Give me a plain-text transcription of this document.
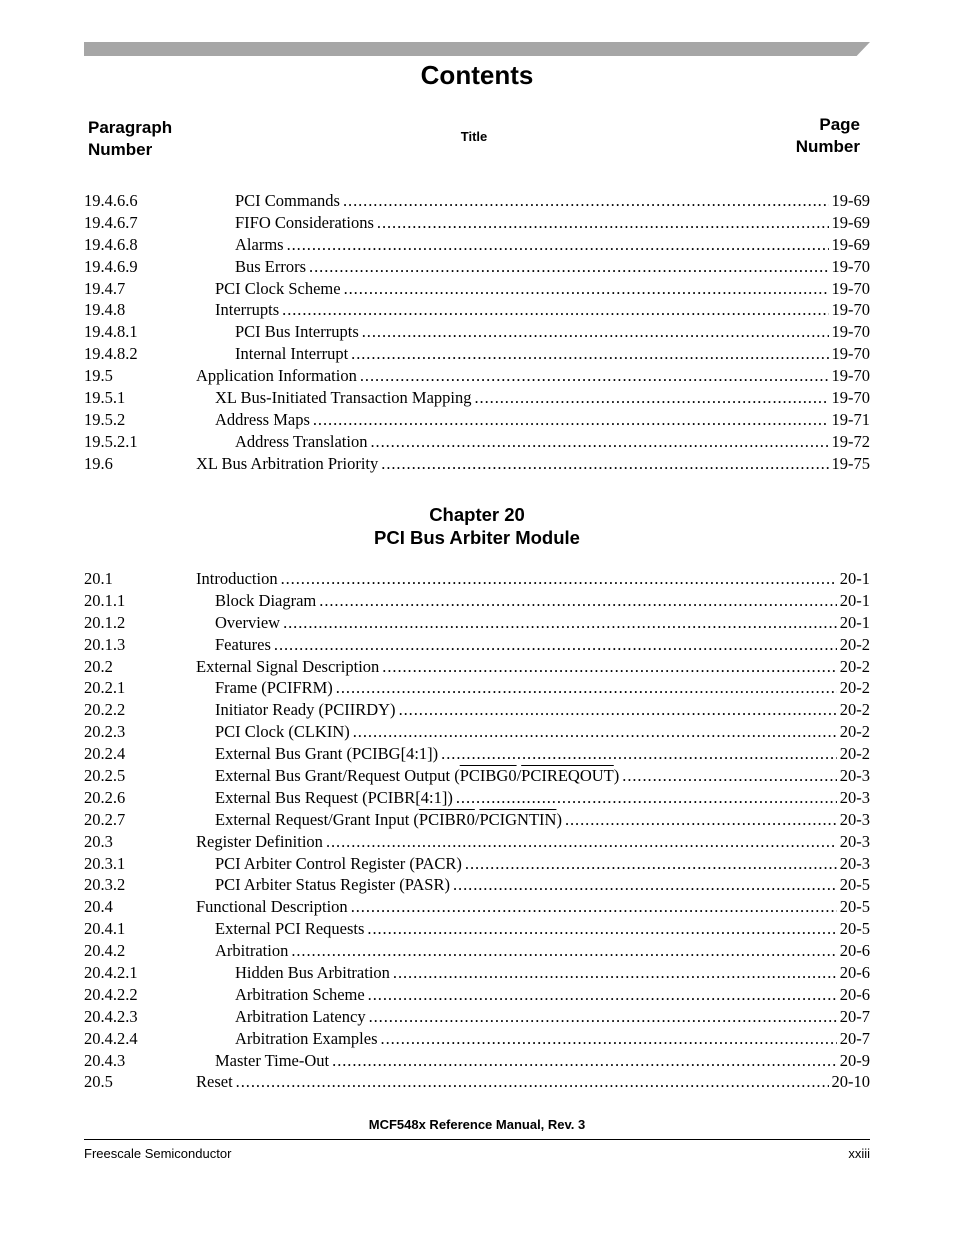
Contents
Paragraph
Number
Title
Page
Number
19.4.6.6	PCI Commands . . .	19-69
19.4.6.7	FIFO Considerations . . .	19-69
19.4.6.8	Alarms . . .	19-69
19.4.6.9	Bus Errors . . .	19-70
19.4.7	PCI Clock Scheme . . .	19-70
19.4.8	Interrupts . . .	19-70
19.4.8.1	PCI Bus Interrupts . . .	19-70
19.4.8.2	Internal Interrupt . . .	19-70
19.5	Application Information . . .	19-70
19.5.1	XL Bus-Initiated Transaction Mapping . . .	19-70
19.5.2	Address Maps . . .	19-71
19.5.2.1	Address Translation . . .	19-72
19.6	XL Bus Arbitration Priority . . .	19-75
Chapter 20
PCI Bus Arbiter Module
20.1	Introduction . . .	20-1
20.1.1	Block Diagram . . .	20-1
20.1.2	Overview . . .	20-1
20.1.3	Features . . .	20-2
20.2	External Signal Description . . .	20-2
20.2.1	Frame (PCIFRM) . . .	20-2
20.2.2	Initiator Ready (PCIIRDY) . . .	20-2
20.2.3	PCI Clock (CLKIN) . . .	20-2
20.2.4	External Bus Grant (PCIBG[4:1]) . . .	20-2
20.2.5	External Bus Grant/Request Output (PCIBG0/PCIREQOUT) . . .	20-3
20.2.6	External Bus Request (PCIBR[4:1]) . . .	20-3
20.2.7	External Request/Grant Input (PCIBR0/PCIGNTIN) . . .	20-3
20.3	Register Definition . . .	20-3
20.3.1	PCI Arbiter Control Register (PACR) . . .	20-3
20.3.2	PCI Arbiter Status Register (PASR) . . .	20-5
20.4	Functional Description . . .	20-5
20.4.1	External PCI Requests . . .	20-5
20.4.2	Arbitration . . .	20-6
20.4.2.1	Hidden Bus Arbitration . . .	20-6
20.4.2.2	Arbitration Scheme . . .	20-6
20.4.2.3	Arbitration Latency . . .	20-7
20.4.2.4	Arbitration Examples . . .	20-7
20.4.3	Master Time-Out . . .	20-9
20.5	Reset . . .	20-10
MCF548x Reference Manual, Rev. 3
Freescale Semiconductor	xxiii
